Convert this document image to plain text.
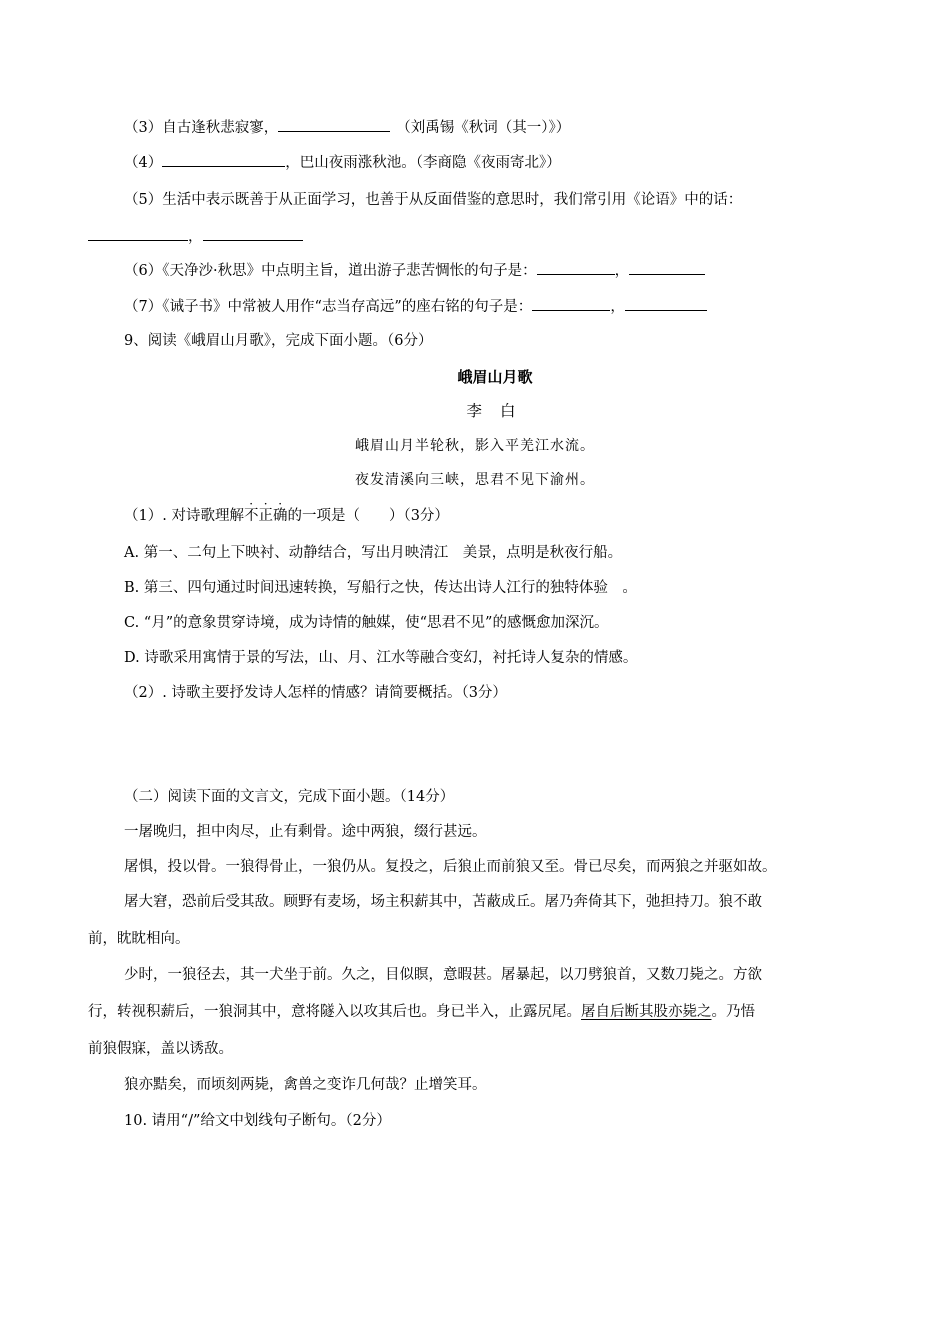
（3）自古逢秋悲寂寥，	（刘禹锡《秋词（其一）》）
（4）	，巴山夜雨涨秋池。（李商隐《夜雨寄北》）
（5）生活中表示既善于从正面学习，也善于从反面借鉴的意思时，我们常引用《论语》中的话：
，
（6）《天净沙·秋思》中点明主旨，道出游子悲苦惆怅的句子是：	，
（7）《诫子书》中常被人用作“志当存高远”的座右铭的句子是：	，
9、阅读《峨眉山月歌》，完成下面小题。（6分）
峨眉山月歌
李白
峨眉山月半轮秋，影入平羌江水流。
夜发清溪向三峡，思君不见下渝州。
（1）. 对诗歌理解不
·
正
·
确
·
的一项是（　　）（3分）
A. 第一、二句上下映衬、动静结合，写出月映清江　美景，点明是秋夜行船。
B. 第三、四句通过时间迅速转换，写船行之快，传达出诗人江行的独特体验　。
C. “月”的意象贯穿诗境，成为诗情的触媒，使“思君不见”的感慨愈加深沉。
D. 诗歌采用寓情于景的写法，山、月、江水等融合变幻，衬托诗人复杂的情感。
（2）. 诗歌主要抒发诗人怎样的情感？请简要概括。（3分）
（二）阅读下面的文言文，完成下面小题。（14分）
一屠晚归，担中肉尽，止有剩骨。途中两狼，缀行甚远。
屠惧，投以骨。一狼得骨止，一狼仍从。复投之，后狼止而前狼又至。骨已尽矣，而两狼之并驱如故。
屠大窘，恐前后受其敌。顾野有麦场，场主积薪其中，苫蔽成丘。屠乃奔倚其下，弛担持刀。狼不敢
前，眈眈相向。
少时，一狼径去，其一犬坐于前。久之，目似瞑，意暇甚。屠暴起，以刀劈狼首，又数刀毙之。方欲
行，转视积薪后，一狼洞其中，意将隧入以攻其后也。身已半入，止露尻尾。屠自后断其股亦毙之。乃悟
前狼假寐，盖以诱敌。
狼亦黠矣，而顷刻两毙，禽兽之变诈几何哉？止增笑耳。
10. 请用“/”给文中划线句子断句。（2分）
